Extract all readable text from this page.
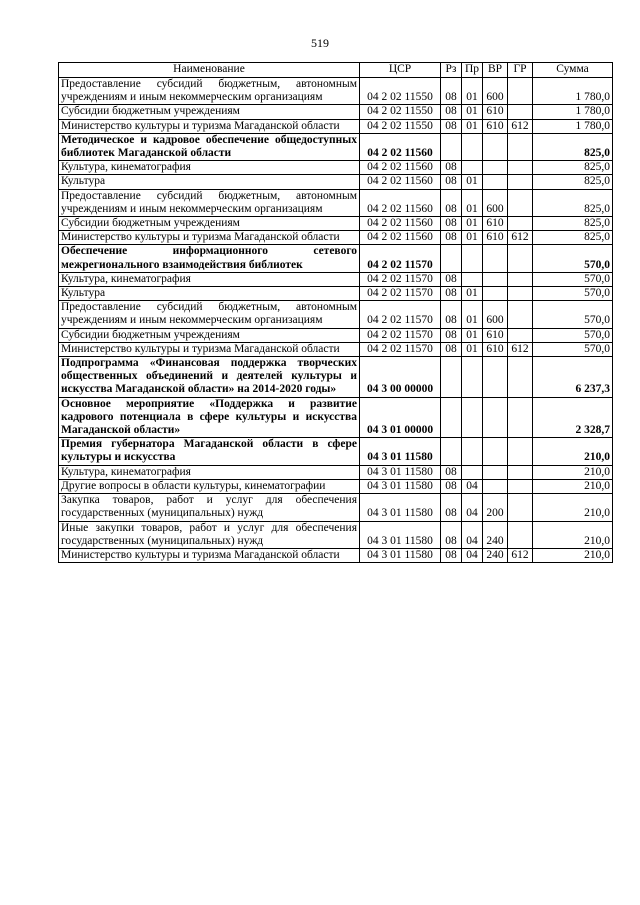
519
Наименование	ЦСР	Рз	Пр	ВР	ГР	Сумма
Предоставление субсидий бюджетным, автономным учреждениям и иным некоммерческим организациям	04 2 02 11550	08	01	600		1 780,0
Субсидии бюджетным учреждениям	04 2 02 11550	08	01	610		1 780,0
Министерство культуры и туризма Магаданской области	04 2 02 11550	08	01	610	612	1 780,0
Методическое и кадровое обеспечение общедоступных библиотек Магаданской области	04 2 02 11560					825,0
Культура, кинематография	04 2 02 11560	08				825,0
Культура	04 2 02 11560	08	01			825,0
Предоставление субсидий бюджетным, автономным учреждениям и иным некоммерческим организациям	04 2 02 11560	08	01	600		825,0
Субсидии бюджетным учреждениям	04 2 02 11560	08	01	610		825,0
Министерство культуры и туризма Магаданской области	04 2 02 11560	08	01	610	612	825,0
Обеспечение информационного сетевого межрегионального взаимодействия библиотек	04 2 02 11570					570,0
Культура, кинематография	04 2 02 11570	08				570,0
Культура	04 2 02 11570	08	01			570,0
Предоставление субсидий бюджетным, автономным учреждениям и иным некоммерческим организациям	04 2 02 11570	08	01	600		570,0
Субсидии бюджетным учреждениям	04 2 02 11570	08	01	610		570,0
Министерство культуры и туризма Магаданской области	04 2 02 11570	08	01	610	612	570,0
Подпрограмма «Финансовая поддержка творческих общественных объединений и деятелей культуры и искусства Магаданской области» на 2014-2020 годы»	04 3 00 00000					6 237,3
Основное мероприятие «Поддержка и развитие кадрового потенциала в сфере культуры и искусства Магаданской области»	04 3 01 00000					2 328,7
Премия губернатора Магаданской области в сфере культуры и искусства	04 3 01 11580					210,0
Культура, кинематография	04 3 01 11580	08				210,0
Другие вопросы в области культуры, кинематографии	04 3 01 11580	08	04			210,0
Закупка товаров, работ и услуг для обеспечения государственных (муниципальных) нужд	04 3 01 11580	08	04	200		210,0
Иные закупки товаров, работ и услуг для обеспечения государственных (муниципальных) нужд	04 3 01 11580	08	04	240		210,0
Министерство культуры и туризма Магаданской области	04 3 01 11580	08	04	240	612	210,0
